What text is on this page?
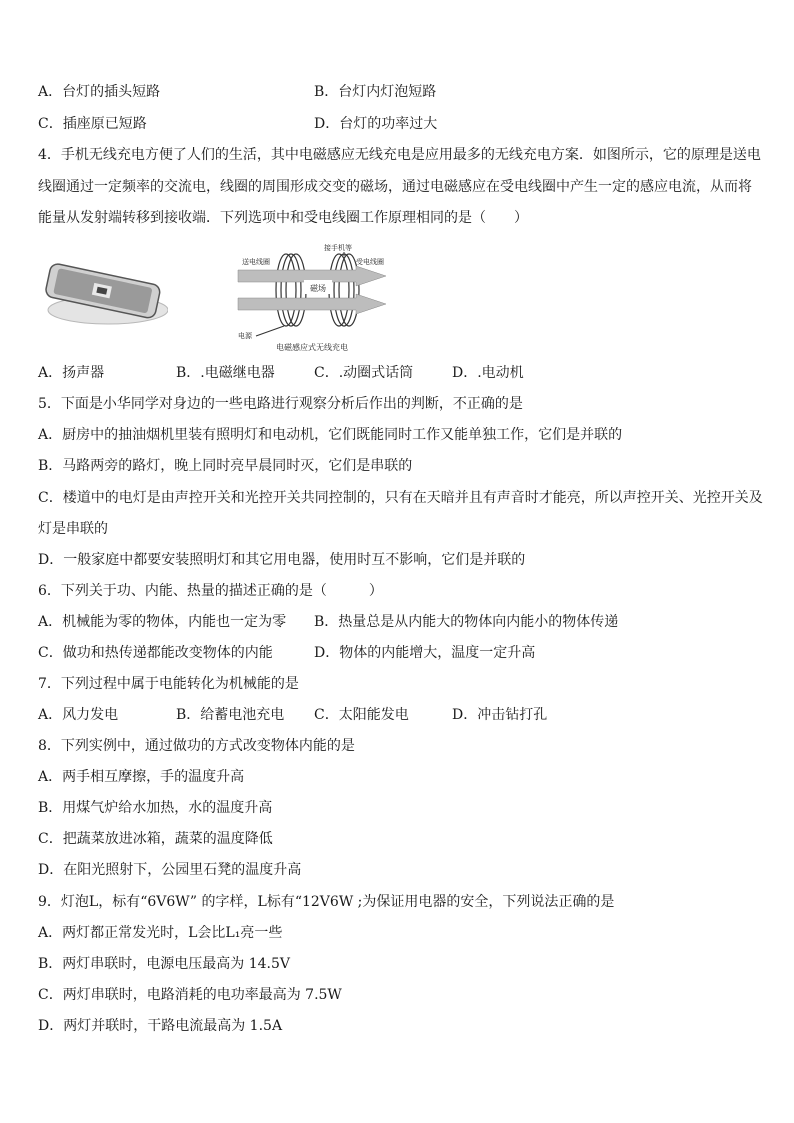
A．台灯的插头短路	B．台灯内灯泡短路
C．插座原已短路	D．台灯的功率过大
4．手机无线充电方便了人们的生活，其中电磁感应无线充电是应用最多的无线充电方案．如图所示，它的原理是送电
线圈通过一定频率的交流电，线圈的周围形成交变的磁场，通过电磁感应在受电线圈中产生一定的感应电流，从而将
能量从发射端转移到接收端．下列选项中和受电线圈工作原理相同的是（　　）
磁场
送电线圈	受电线圈
接手机等
电源
电磁感应式无线充电
A．扬声器	B．.电磁继电器	C．.动圈式话筒	D．.电动机
5．下面是小华同学对身边的一些电路进行观察分析后作出的判断，不正确的是
A．厨房中的抽油烟机里装有照明灯和电动机，它们既能同时工作又能单独工作，它们是并联的
B．马路两旁的路灯，晚上同时亮早晨同时灭，它们是串联的
C．楼道中的电灯是由声控开关和光控开关共同控制的，只有在天暗并且有声音时才能亮，所以声控开关、光控开关及
灯是串联的
D．一般家庭中都要安装照明灯和其它用电器，使用时互不影响，它们是并联的
6．下列关于功、内能、热量的描述正确的是（　　　）
A．机械能为零的物体，内能也一定为零 B．热量总是从内能大的物体向内能小的物体传递
C．做功和热传递都能改变物体的内能	D．物体的内能增大，温度一定升高
7．下列过程中属于电能转化为机械能的是
A．风力发电	B．给蓄电池充电 C．太阳能发电	D．冲击钻打孔
8．下列实例中，通过做功的方式改变物体内能的是
A．两手相互摩擦，手的温度升高
B．用煤气炉给水加热，水的温度升高
C．把蔬菜放进冰箱，蔬菜的温度降低
D．在阳光照射下，公园里石凳的温度升高
9．灯泡L，标有“6V6W” 的字样，L标有“12V6W ;为保证用电器的安全，下列说法正确的是
A．两灯都正常发光时，L会比L₁亮一些
B．两灯串联时，电源电压最高为 14.5V
C．两灯串联时，电路消耗的电功率最高为 7.5W
D．两灯并联时，干路电流最高为 1.5A
